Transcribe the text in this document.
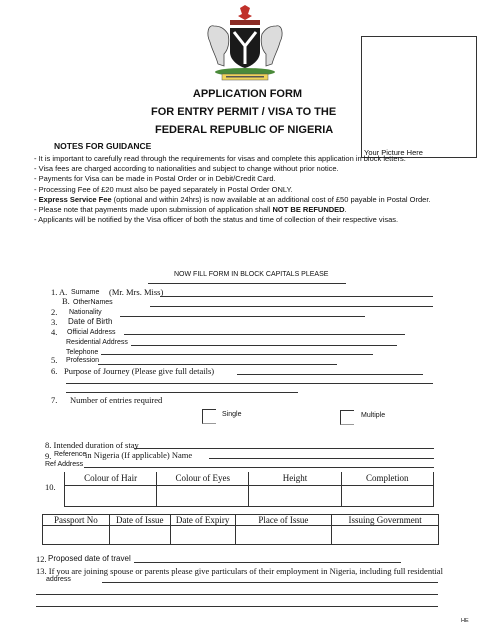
Your Picture Here
APPLICATION FORM
FOR ENTRY PERMIT / VISA TO THE
FEDERAL REPUBLIC OF NIGERIA
NOTES FOR GUIDANCE
- It is important to carefully read through the requirements for visas and complete this application in block letters.
- Visa fees are charged according to nationalities and subject to change without prior notice.
- Payments for Visa can be made in Postal Order or in Debit/Credit Card.
- Processing Fee of £20 must also be payed separately in Postal Order ONLY.
- Express Service Fee (optional and within 24hrs) is now available at an additional cost of £50 payable in Postal Order.
- Please note that payments made upon submission of application shall NOT BE REFUNDED.
- Applicants will be notified by the Visa officer of both the status and time of collection of their respective visas.
NOW FILL FORM IN BLOCK CAPITALS PLEASE
1. A. Surname (Mr. Mrs. Miss)
B. OtherNames
2. Nationality
3. Date of Birth
4. Official Address
Residential Address
Telephone
5. Profession
6. Purpose of Journey (Please give full details)
7. Number of entries required
Single	Multiple
8. Intended duration of stay
9. Reference
in Nigeria (If applicable) Name
Ref Address
10.
Colour of Hair	Colour of Eyes	Height	Completion

Passport No	Date of Issue	Date of Expiry	Place of Issue	Issuing Government

12. Proposed date of travel
13. If you are joining spouse or parents please give particulars of their employment in Nigeria, including full residential
address
HE
